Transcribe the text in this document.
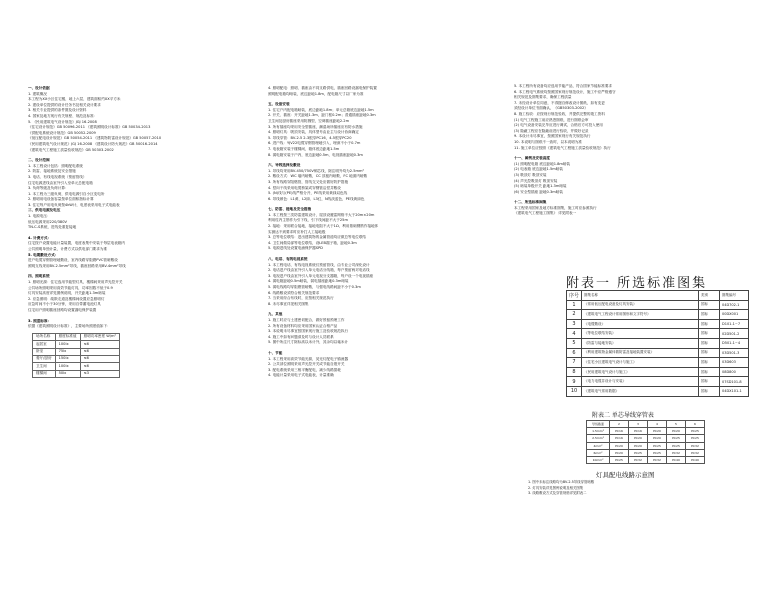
一、设计依据
1. 建筑概况
本工程为XX小区住宅楼，地上六层，建筑面积约XX平方米
2. 建设单位提供的设计任务书及相关设计要求
3. 相关专业提供的条件图及设计资料
4. 国家及地方现行有关规程、规范及标准：
5. 《民用建筑电气设计规范》JGJ 16-2008
《住宅设计规范》GB 50096-2011 《建筑照明设计标准》GB 50034-2013
《供配电系统设计规范》GB 50052-2009
《低压配电设计规范》GB 50054-2011 《建筑物防雷设计规范》GB 50057-2010
《民用建筑电气设计规范》JGJ 16-2008 《建筑设计防火规范》GB 50016-2014
《建筑电气工程施工质量验收规范》GB 50303-2002
二、设计范围
1. 本工程设计包括：照明配电系统
2. 防雷、接地系统及安全措施
3. 电话、有线电视系统（预留管线）
住宅电源进线由室外引入至单元总配电箱
3. 负荷等级及负荷计算：
1. 本工程为三级负荷，供电电源引自小区变电所
2. 照明用电设备容量按单位面积指标计算
3. 住宅每户用电负荷按4kW计，电度表采用电子式电能表
三、供电电源及电压
1. 电源电压：
低压电源采用220/380V
TN-C-S系统，进线处重复接地
4. 计费方式：
住宅按户设置电能计量装置，电度表集中安装于每层电表箱内
公共照明单独计量，计费方式以供电部门要求为准
5. 电缆敷设方式：
进户电缆穿钢管埋地敷设，室内线路穿阻燃PVC管暗敷设
照明支线采用BV-2.5mm²导线，插座回路采用BV-4mm²导线
四、照明系统
1. 照明光源：住宅选用节能型灯具，楼梯间采用声光控开关
公共场所照明采用高效节能灯具，功率因数不低于0.9
灯具安装高度详见图例说明，开关距地1.3m暗装
2. 应急照明：疏散走道及楼梯间设置应急照明灯
应急时间不小于30分钟，采用自带蓄电池灯具
住宅用户照明插座回路均设置漏电保护装置
3. 照度标准：
依据《建筑照明设计标准》，主要场所照度值如下：
场所名称	照度标准值	照明功率密度 W/m²
起居室	100lx	≤6
卧室	75lx	≤6
餐厅/厨房	150lx	≤6
卫生间	100lx	≤6
楼梯间	50lx	≤3
4. 照明配电：照明、插座由不同支路供电，插座回路设漏电保护装置
照明配电箱均暗装，底边距地1.8m，配电箱尺寸以厂家为准
五、设备安装
1. 住宅户内配电箱暗装，底边距地1.8m；单元总箱底边距地1.5m
2. 开关、插座：开关距地1.3m，距门框0.2m；普通插座距地0.3m
卫生间及厨房插座采用防溅型，空调插座距地2.2m
3. 所有插座均采用安全型插座，潮湿场所插座应有防水措施
4. 照明灯具：吸顶安装，具体型号由业主与设计协商确定
5. 导线穿管：BV-2.5 2-3根穿PC16，4-5根穿PC20
6. 进户线：YJV22电缆穿钢管埋地引入，埋深不小于0.7m
7. 电表箱安装于楼梯间，箱体底边距地1.5m
8. 弱电箱安装于户内，底边距地0.5m，电视插座距地0.3m
六、导线选择及敷设
1. 导线均采用BV-450/750V铜芯线，除注明外均为2.5mm²
2. 敷设方式：WC 墙内暗敷，CC 顶板内暗敷，FC 地面内暗敷
3. 所有线路穿阻燃管，管线交叉处应做好防护措施
4. 竖向干线采用电缆桥架或穿钢管沿竖井敷设
5. (N)线与(PE)线严格分开，PE线采用黄绿双色线
6. 导线颜色：L1黄、L2绿、L3红，N线淡蓝色，PE线黄绿色
七、防雷、接地及安全措施
1. 本工程按三类防雷建筑设计，屋顶设避雷网格不大于20m×20m
利用柱内主筋作为引下线，引下线间距不大于25m
2. 接地：采用联合接地，接地电阻不大于1Ω，利用基础钢筋作接地体
实测达不到要求时应补打人工接地极
3. 总等电位联结：进出建筑物的金属管道均应做总等电位联结
4. 卫生间做局部等电位联结，设LEB端子箱，距地0.3m
5. 电源进线处设置电涌保护器SPD
八、电话、有线电视系统
1. 本工程电话、有线电视系统仅预留管线，由专业公司深化设计
2. 电话进户线由室外引入单元电话分线箱，每户预留两对电话线
3. 电视进户线由室外引入单元电视分支器箱，每户设一个电视插座
4. 弱电箱距地0.5m暗装，弱电插座距地0.3m暗装
5. 弱电线路均穿阻燃管暗敷，与强电线路间距不小于0.3m
6. 线路敷设须符合相关规范要求
7. 当采用综合布线时，应按相关规范执行
8. 未尽事宜详见相关图集
九、其他
1. 施工时应与土建密切配合，做好预留预埋工作
2. 所有设备材料均应采用国家认证合格产品
3. 本说明未尽事宜按国家现行施工及验收规范执行
4. 施工中如有问题请及时与设计人员联系
5. 图中所注尺寸除标高以米计外，其余均以毫米计
十、节能
1. 本工程采用高效节能光源，荧光灯配电子镇流器
2. 公共部位照明采用声光控开关或节能自熄开关
3. 配电系统采用三相平衡配电，减少线路损耗
4. 电能计量采用电子式电能表，计量准确
5. 本工程所有设备均应选用节能产品，符合国家节能标准要求
6. 本工程电气系统均按照国家现行规范设计，施工中应严格遵守
相关规范及图集要求，确保工程质量
7. 未经设计单位同意，不得擅自修改设计图纸，如有变更
须经设计单位书面确认，《GB50303-2002》
8. 施工验收：应按现行规范验收，并提供完整的竣工资料
(1) 电气工程施工前应熟悉图纸，进行图纸会审
(2) 电气设备安装完毕应进行调试，合格后方可投入使用
(3) 隐蔽工程应在隐蔽前进行验收，并做好记录
9. 本设计未尽事宜，按照国家现行有关规范执行
10. 本说明与图纸不一致时，以本说明为准
11. 施工单位应按照《建筑电气工程施工质量验收规范》执行
十一、图例及安装高度
(1) 照明配电箱 底边距地1.8m暗装
(2) 电表箱 底边距地1.5m暗装
(3) 吸顶灯 吸顶安装
(4) 声光控吸顶灯 吸顶安装
(5) 暗装单极开关 距地1.3m暗装
(6) 安全型插座 距地0.3m暗装
十二、所选标准图集
本工程采用国家及地方标准图集，施工时应参照执行
《建筑电气工程施工图集》 详见附表一
附表一 所选标准图集
序号	图集名称	类别	图集编号
1	《常用低压配电设备及灯具安装》	国标	04D702-1
2	《建筑电气工程设计常用图形和文字符号》	国标	00DX001
3	《电缆敷设》	国标	D101-1~7
4	《等电位联结安装》	国标	02D501-2
5	《防雷与接地安装》	国标	D501-1~4
6	《利用建筑物金属体做防雷及接地装置安装》	国标	03D501-3
7	《住宅小区建筑电气设计与施工》	国标	03D603
8	《民用建筑电气设计与施工》	国标	08D800
9	《电力电缆井设计与安装》	国标	07SD101-8
10	《建筑电气常用数据》	国标	04DX101-1
附表二 单芯导线穿管表
导线截面	2	3	4	5	6
1.5mm²	PC16	PC16	PC20	PC20	PC25
2.5mm²	PC16	PC20	PC20	PC25	PC25
4mm²	PC20	PC20	PC25	PC25	PC32
6mm²	PC20	PC25	PC25	PC32	PC32
10mm²	PC25	PC32	PC32	PC40	PC40
灯具配电线路示意图
1. 图中未标注线路均为BV-2.5导线穿管暗敷
2. 灯具安装详见图例说明及相关图集
3. 线路敷设方式及穿管规格详见附表二
